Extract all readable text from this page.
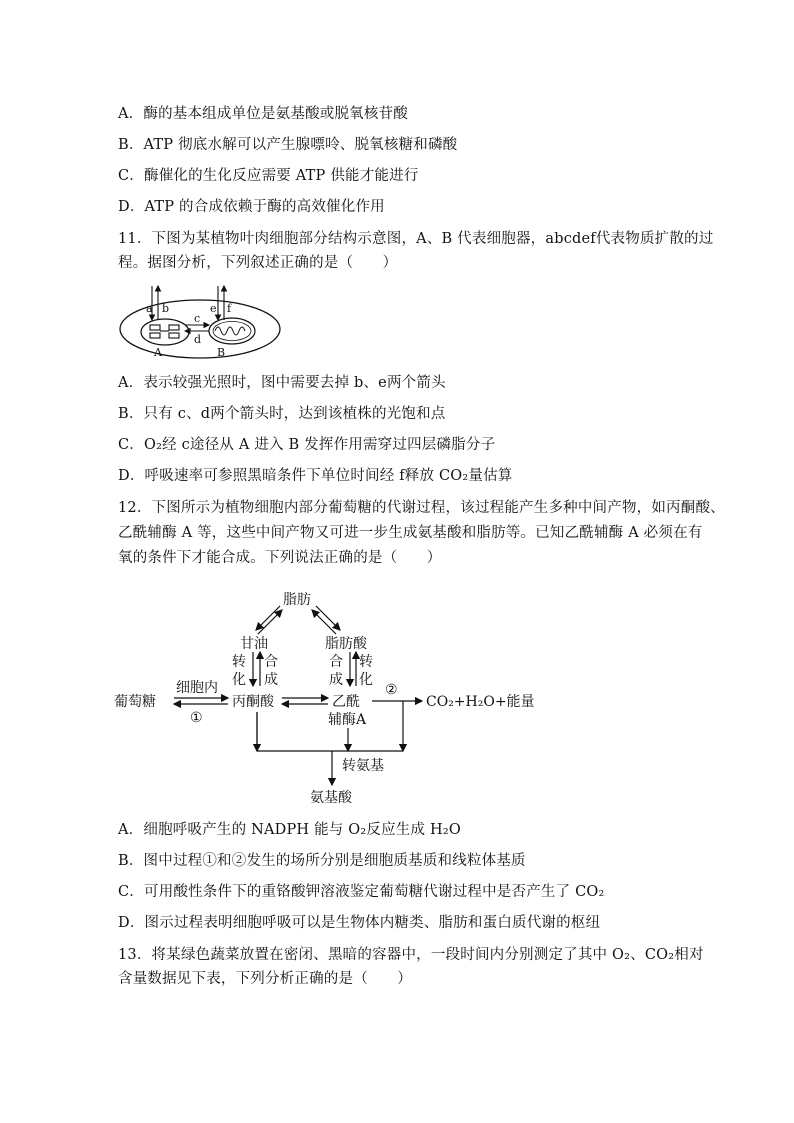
A．酶的基本组成单位是氨基酸或脱氧核苷酸
B．ATP 彻底水解可以产生腺嘌呤、脱氧核糖和磷酸
C．酶催化的生化反应需要 ATP 供能才能进行
D．ATP 的合成依赖于酶的高效催化作用
11．下图为某植物叶肉细胞部分结构示意图，A、B 代表细胞器，abcdef代表物质扩散的过
程。据图分析，下列叙述正确的是（　　）
a b
c
d
e f
A	B
A．表示较强光照时，图中需要去掉 b、e两个箭头
B．只有 c、d两个箭头时，达到该植株的光饱和点
C．O₂经 c途径从 A 进入 B 发挥作用需穿过四层磷脂分子
D．呼吸速率可参照黑暗条件下单位时间经 f释放 CO₂量估算
12．下图所示为植物细胞内部分葡萄糖的代谢过程，该过程能产生多种中间产物，如丙酮酸、
乙酰辅酶 A 等，这些中间产物又可进一步生成氨基酸和脂肪等。已知乙酰辅酶 A 必须在有
氧的条件下才能合成。下列说法正确的是（　　）
脂肪
甘油	脂肪酸
转
化
合
成
合
成
转
化
葡萄糖
细胞内
①
丙酮酸	乙酰
辅酶A
②
CO₂+H₂O+能量
转氨基
氨基酸
A．细胞呼吸产生的 NADPH 能与 O₂反应生成 H₂O
B．图中过程①和②发生的场所分别是细胞质基质和线粒体基质
C．可用酸性条件下的重铬酸钾溶液鉴定葡萄糖代谢过程中是否产生了 CO₂
D．图示过程表明细胞呼吸可以是生物体内糖类、脂肪和蛋白质代谢的枢纽
13．将某绿色蔬菜放置在密闭、黑暗的容器中，一段时间内分别测定了其中 O₂、CO₂相对
含量数据见下表，下列分析正确的是（　　）
